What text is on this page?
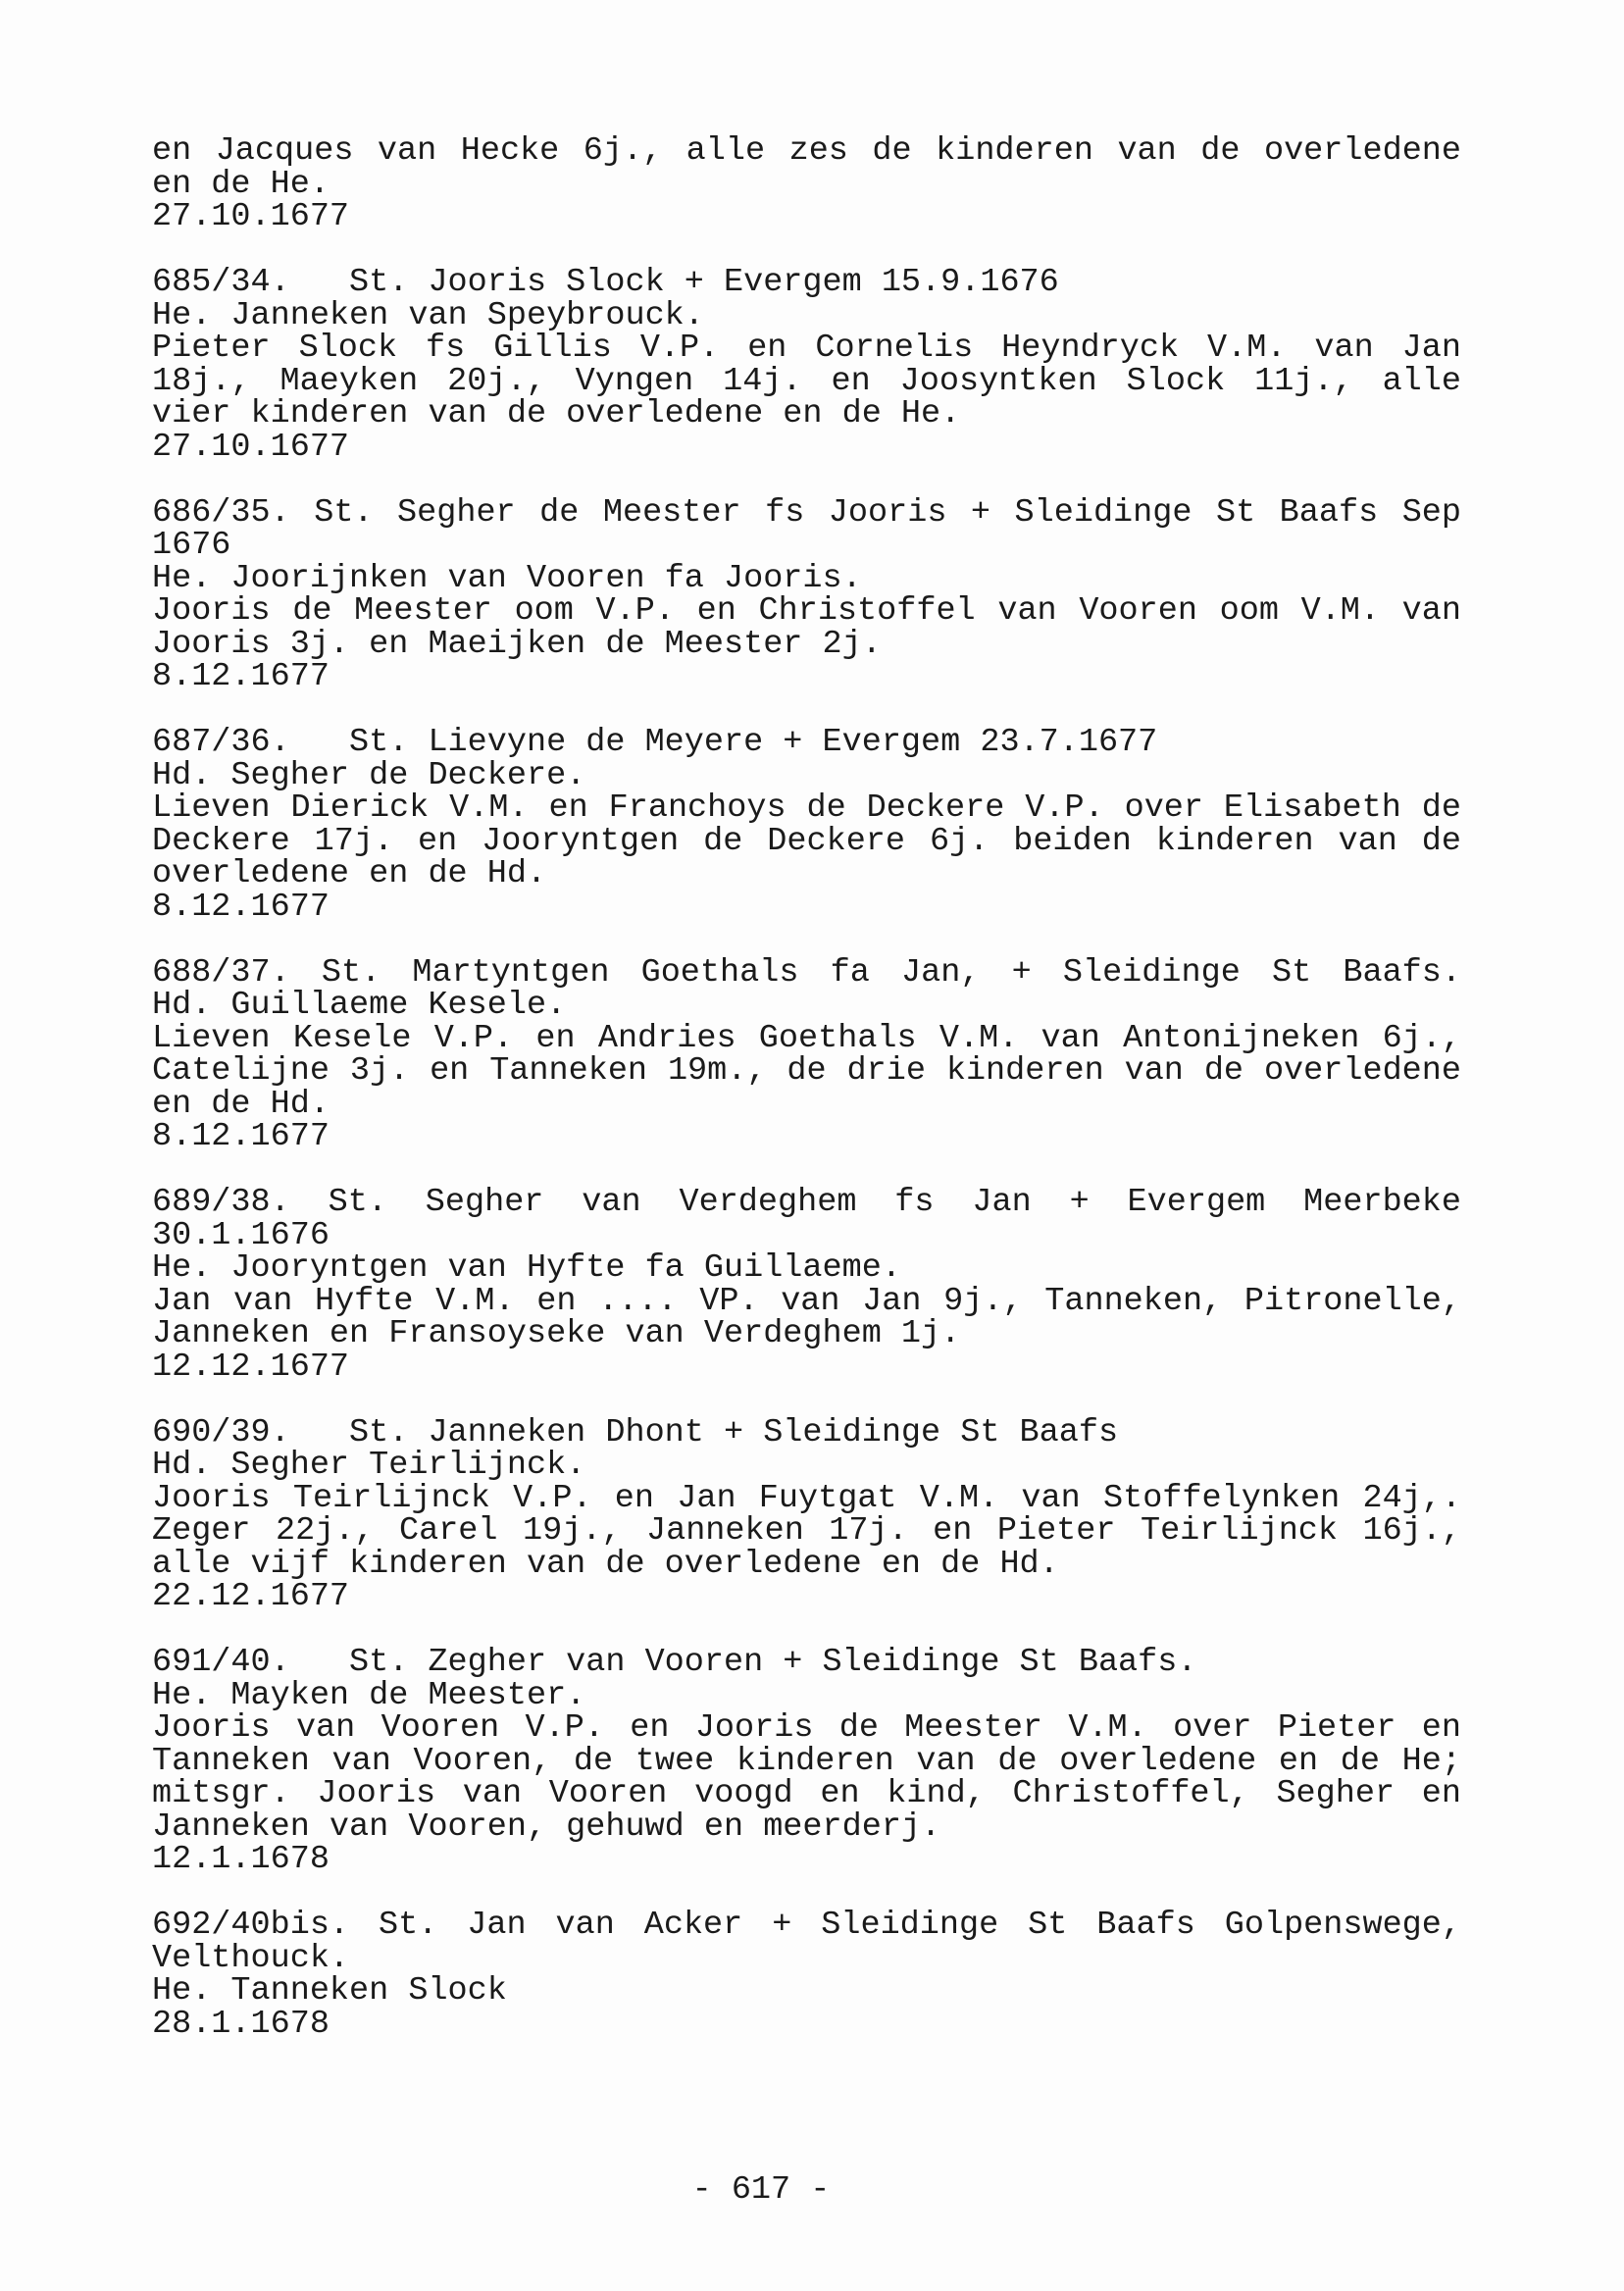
en Jacques van Hecke 6j., alle zes de kinderen van de overledene
en de He.
27.10.1677
685/34.   St. Jooris Slock + Evergem 15.9.1676
He. Janneken van Speybrouck.
Pieter Slock fs Gillis V.P. en Cornelis Heyndryck V.M. van Jan
18j., Maeyken 20j., Vyngen 14j. en Joosyntken Slock 11j., alle
vier kinderen van de overledene en de He.
27.10.1677
686/35. St. Segher de Meester fs Jooris + Sleidinge St Baafs Sep
1676
He. Joorijnken van Vooren fa Jooris.
Jooris de Meester oom V.P. en Christoffel van Vooren oom V.M. van
Jooris 3j. en Maeijken de Meester 2j.
8.12.1677
687/36.   St. Lievyne de Meyere + Evergem 23.7.1677
Hd. Segher de Deckere.
Lieven Dierick V.M. en Franchoys de Deckere V.P. over Elisabeth de
Deckere 17j. en Jooryntgen de Deckere 6j. beiden kinderen van de
overledene en de Hd.
8.12.1677
688/37. St. Martyntgen Goethals fa Jan, + Sleidinge St Baafs.
Hd. Guillaeme Kesele.
Lieven Kesele V.P. en Andries Goethals V.M. van Antonijneken 6j.,
Catelijne 3j. en Tanneken 19m., de drie kinderen van de overledene
en de Hd.
8.12.1677
689/38. St. Segher van Verdeghem fs Jan + Evergem Meerbeke
30.1.1676
He. Jooryntgen van Hyfte fa Guillaeme.
Jan van Hyfte V.M. en .... VP. van Jan 9j., Tanneken, Pitronelle,
Janneken en Fransoyseke van Verdeghem 1j.
12.12.1677
690/39.   St. Janneken Dhont + Sleidinge St Baafs
Hd. Segher Teirlijnck.
Jooris Teirlijnck V.P. en Jan Fuytgat V.M. van Stoffelynken 24j,.
Zeger 22j., Carel 19j., Janneken 17j. en Pieter Teirlijnck 16j.,
alle vijf kinderen van de overledene en de Hd.
22.12.1677
691/40.   St. Zegher van Vooren + Sleidinge St Baafs.
He. Mayken de Meester.
Jooris van Vooren V.P. en Jooris de Meester V.M. over Pieter en
Tanneken van Vooren, de twee kinderen van de overledene en de He;
mitsgr. Jooris van Vooren voogd en kind, Christoffel, Segher en
Janneken van Vooren, gehuwd en meerderj.
12.1.1678
692/40bis. St. Jan van Acker + Sleidinge St Baafs Golpenswege,
Velthouck.
He. Tanneken Slock
28.1.1678
- 617 -
